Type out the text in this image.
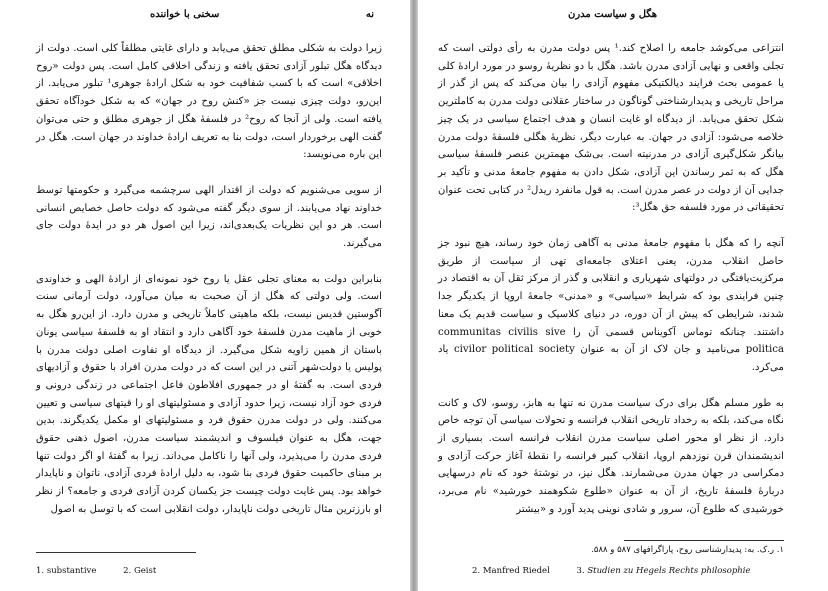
سخنی با خواننده	نه

زیرا دولت به شکلی مطلق تحقق می‌یابد و دارای غایتی مطلقاً کلی است. دولت از دیدگاه هگل تبلور آزادی تحقق یافته و زندگی اخلاقی کامل است. پس دولت «روح اخلاقی» است که با کسب شفافیت خود به شکل ارادهٔ جوهری¹ تبلور می‌یابد. از این‌رو، دولت چیزی نیست جز «کنش روح در جهان» که به شکل خودآگاه تحقق یافته است. ولی از آنجا که روح² در فلسفهٔ هگل از جوهری مطلق و حتی می‌توان گفت الهی برخوردار است، دولت بنا به تعریف ارادهٔ خداوند در جهان است. هگل در این باره می‌نویسد:

از سویی می‌شنویم که دولت از اقتدار الهی سرچشمه می‌گیرد و حکومتها توسط خداوند نهاد می‌یابند. از سوی دیگر گفته می‌شود که دولت حاصل خصایص انسانی است. هر دو این نظریات یک‌بعدی‌اند، زیرا این اصول هر دو در ایدهٔ دولت جای می‌گیرند.

بنابراین دولت به معنای تجلی عقل یا روح خود نمونه‌ای از ارادهٔ الهی و خداوندی است. ولی دولتی که هگل از آن صحبت به میان می‌آورد، دولت آرمانی سنت آگوستین قدیس نیست، بلکه ماهیتی کاملاً تاریخی و مدرن دارد. از این‌رو هگل به خوبی از ماهیت مدرن فلسفهٔ خود آگاهی دارد و انتقاد او به فلسفهٔ سیاسی یونان باستان از همین زاویه شکل می‌گیرد. از دیدگاه او تفاوت اصلی دولت مدرن با پولیس یا دولت‌شهر آتنی در این است که در دولت مدرن افراد با حقوق و آزادیهای فردی است. به گفتهٔ او در جمهوری افلاطون فاعل اجتماعی در زندگی درونی و فردی خود آزاد نیست، زیرا حدود آزادی و مسئولیتهای او را قیتهای سیاسی و تعیین می‌کنند. ولی در دولت مدرن حقوق فرد و مسئولیتهای او مکمل یکدیگرند. بدین جهت، هگل به عنوان فیلسوف و اندیشمند سیاست مدرن، اصول ذهنی حقوق فردی مدرن را می‌پذیرد، ولی آنها را ناکامل می‌داند. زیرا به گفتهٔ او اگر دولت تنها بر مبنای حاکمیت حقوق فردی بنا شود، به دلیل ارادهٔ فردی آزادی، ناتوان و ناپایدار خواهد بود. پس غایت دولت چیست جز یکسان کردن آزادی فردی و جامعه؟ از نظر او بارزترین مثال تاریخی دولت ناپایدار، دولت انقلابی است که با توسل به اصول

1. substantive	2. Geist
هگل و سیاست مدرن

انتزاعی می‌کوشد جامعه را اصلاح کند.¹ پس دولت مدرن به رأی دولتی است که تجلی واقعی و نهایی آزادی مدرن باشد. هگل با دو نظریهٔ روسو در مورد ارادهٔ کلی یا عمومی بحث فرایند دیالکتیکی مفهوم آزادی را بیان می‌کند که پس از گذر از مراحل تاریخی و پدیدارشناختی گوناگون در ساختار عقلانی دولت مدرن به کاملترین شکل تحقق می‌یابد. از دیدگاه او غایت انسان و هدف اجتماع سیاسی در یک چیز خلاصه می‌شود: آزادی در جهان. به عبارت دیگر، نظریهٔ هگلی فلسفهٔ دولت مدرن بیانگر شکل‌گیری آزادی در مدرنیته است. بی‌شک مهمترین عنصر فلسفهٔ سیاسی هگل که به ثمر رساندن این آزادی، شکل دادن به مفهوم جامعهٔ مدنی و تأکید بر جدایی آن از دولت در عصر مدرن است. به قول مانفرد ریدل² در کتابی تحت عنوان تحقیقاتی در مورد فلسفه حق هگل³:

آنچه را که هگل با مفهوم جامعهٔ مدنی به آگاهی زمان خود رساند، هیچ نبود جز حاصل انقلاب مدرن، یعنی اعتلای جامعه‌ای تهی از سیاست از طریق مرکزیت‌یافتگی در دولتهای شهریاری و انقلابی و گذر از مرکز ثقل آن به اقتصاد در چنین فرایندی بود که شرایط «سیاسی» و «مدنی» جامعهٔ اروپا از یکدیگر جدا شدند، شرایطی که پیش از آن دوره، در دنیای کلاسیک و سیاست قدیم یک معنا داشتند. چنانکه توماس آکویناس قسمی آن را communitas civilis sive politica می‌نامید و جان لاک از آن به عنوان civilor political society یاد می‌کرد.

به طور مسلم هگل برای درک سیاست مدرن نه تنها به هابز، روسو، لاک و کانت نگاه می‌کند، بلکه به رخداد تاریخی انقلاب فرانسه و تحولات سیاسی آن توجه خاص دارد. از نظر او محور اصلی سیاست مدرن انقلاب فرانسه است. بسیاری از اندیشمندان قرن نوزدهم اروپا، انقلاب کبیر فرانسه را نقطهٔ آغاز حرکت آزادی و دمکراسی در جهان مدرن می‌شمارند. هگل نیز، در نوشتهٔ خود که نام درسهایی دربارهٔ فلسفهٔ تاریخ، از آن به عنوان «طلوع شکوهمند خورشید» نام می‌برد، خورشیدی که طلوع آن، سرور و شادی نوینی پدید آورد و «بیشتر

۱. ر.ک. به: پدیدارشناسی روح، پاراگرافهای ۵۸۷ و ۵۸۸.
2. Manfred Riedel	3. Studien zu Hegels Rechts philosophie
